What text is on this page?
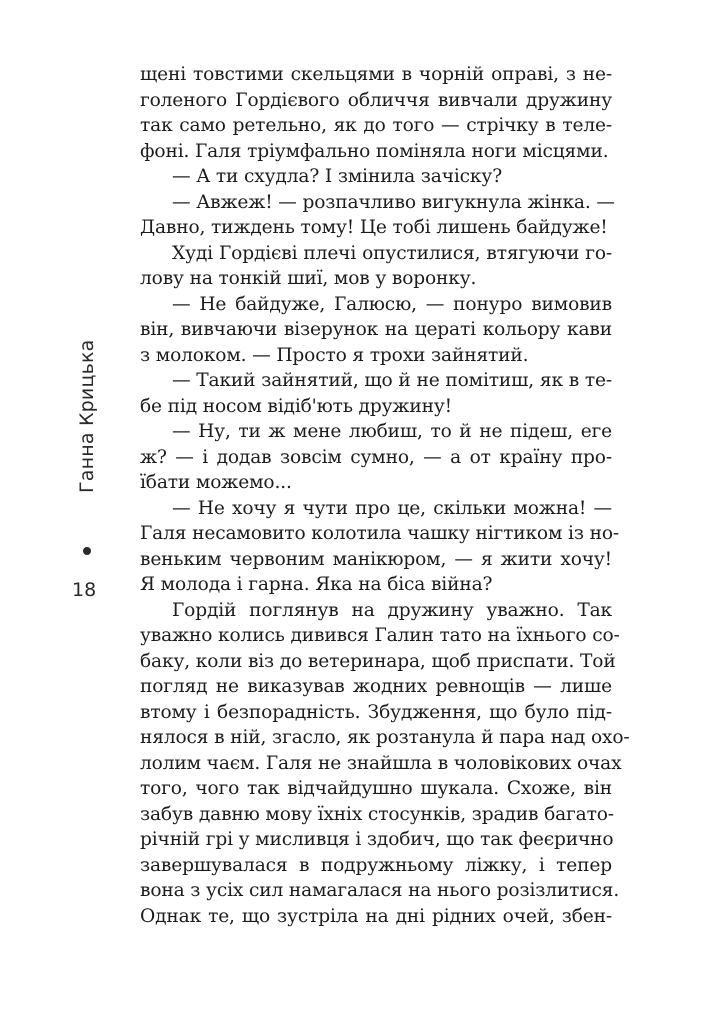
щені товстими скельцями в чорній оправі, з не-
голеного Гордієвого обличчя вивчали дружину
так само ретельно, як до того — стрічку в теле-
фоні. Галя тріумфально поміняла ноги місцями.
— А ти схудла? І змінила зачіску?
— Авжеж! — розпачливо вигукнула жінка. —
Давно, тиждень тому! Це тобі лишень байдуже!
Худі Гордієві плечі опустилися, втягуючи го-
лову на тонкій шиї, мов у воронку.
— Не байдуже, Галюсю, — понуро вимовив
він, вивчаючи візерунок на цераті кольору кави
з молоком. — Просто я трохи зайнятий.
— Такий зайнятий, що й не помітиш, як в те-
бе під носом відіб'ють дружину!
— Ну, ти ж мене любиш, то й не підеш, еге
ж? — і додав зовсім сумно, — а от країну про-
їбати можемо...
— Не хочу я чути про це, скільки можна! —
Галя несамовито колотила чашку нігтиком із но-
веньким червоним манікюром, — я жити хочу!
Я молода і гарна. Яка на біса війна?
Гордій поглянув на дружину уважно. Так
уважно колись дивився Галин тато на їхнього со-
баку, коли віз до ветеринара, щоб приспати. Той
погляд не виказував жодних ревнощів — лише
втому і безпорадність. Збудження, що було під-
нялося в ній, згасло, як розтанула й пара над охо-
лолим чаєм. Галя не знайшла в чоловікових очах
того, чого так відчайдушно шукала. Схоже, він
забув давню мову їхніх стосунків, зрадив багато-
річній грі у мисливця і здобич, що так феєрично
завершувалася в подружньому ліжку, і тепер
вона з усіх сил намагалася на нього розізлитися.
Однак те, що зустріла на дні рідних очей, збен-
Ганна Крицька
18
